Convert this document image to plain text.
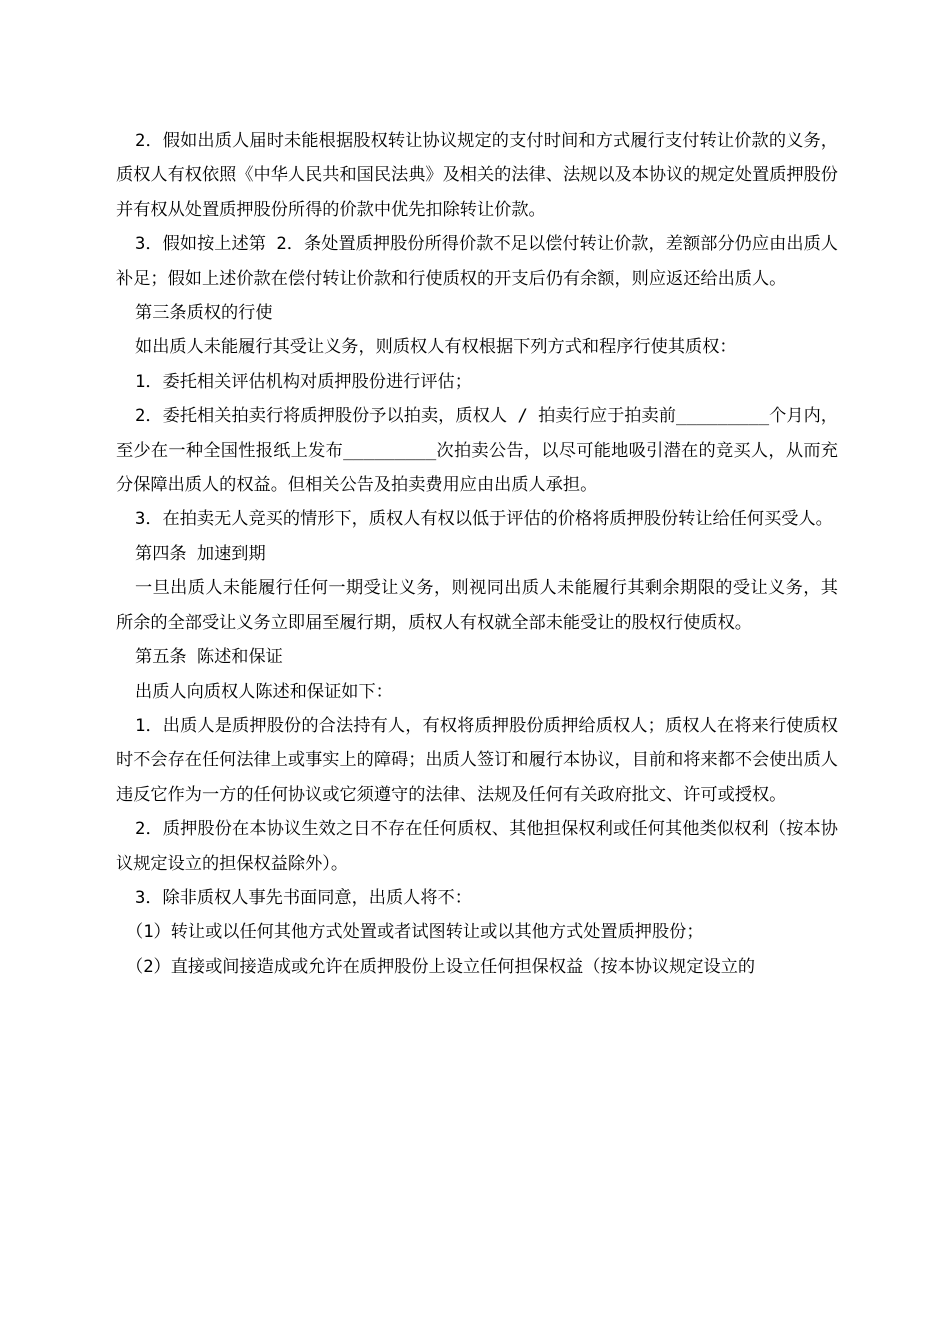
2．假如出质人届时未能根据股权转让协议规定的支付时间和方式履行支付转让价款的义务，质权人有权依照《中华人民共和国民法典》及相关的法律、法规以及本协议的规定处置质押股份并有权从处置质押股份所得的价款中优先扣除转让价款。

3．假如按上述第 2．条处置质押股份所得价款不足以偿付转让价款，差额部分仍应由出质人补足；假如上述价款在偿付转让价款和行使质权的开支后仍有余额，则应返还给出质人。

第三条质权的行使

如出质人未能履行其受让义务，则质权人有权根据下列方式和程序行使其质权：

1．委托相关评估机构对质押股份进行评估；

2．委托相关拍卖行将质押股份予以拍卖，质权人 / 拍卖行应于拍卖前_________个月内，至少在一种全国性报纸上发布_________次拍卖公告，以尽可能地吸引潜在的竞买人，从而充分保障出质人的权益。但相关公告及拍卖费用应由出质人承担。

3．在拍卖无人竞买的情形下，质权人有权以低于评估的价格将质押股份转让给任何买受人。

第四条 加速到期

一旦出质人未能履行任何一期受让义务，则视同出质人未能履行其剩余期限的受让义务，其所余的全部受让义务立即届至履行期，质权人有权就全部未能受让的股权行使质权。

第五条 陈述和保证

出质人向质权人陈述和保证如下：

1．出质人是质押股份的合法持有人，有权将质押股份质押给质权人；质权人在将来行使质权时不会存在任何法律上或事实上的障碍；出质人签订和履行本协议，目前和将来都不会使出质人违反它作为一方的任何协议或它须遵守的法律、法规及任何有关政府批文、许可或授权。

2．质押股份在本协议生效之日不存在任何质权、其他担保权利或任何其他类似权利（按本协议规定设立的担保权益除外）。

3．除非质权人事先书面同意，出质人将不：

（1）转让或以任何其他方式处置或者试图转让或以其他方式处置质押股份；

（2）直接或间接造成或允许在质押股份上设立任何担保权益（按本协议规定设立的
